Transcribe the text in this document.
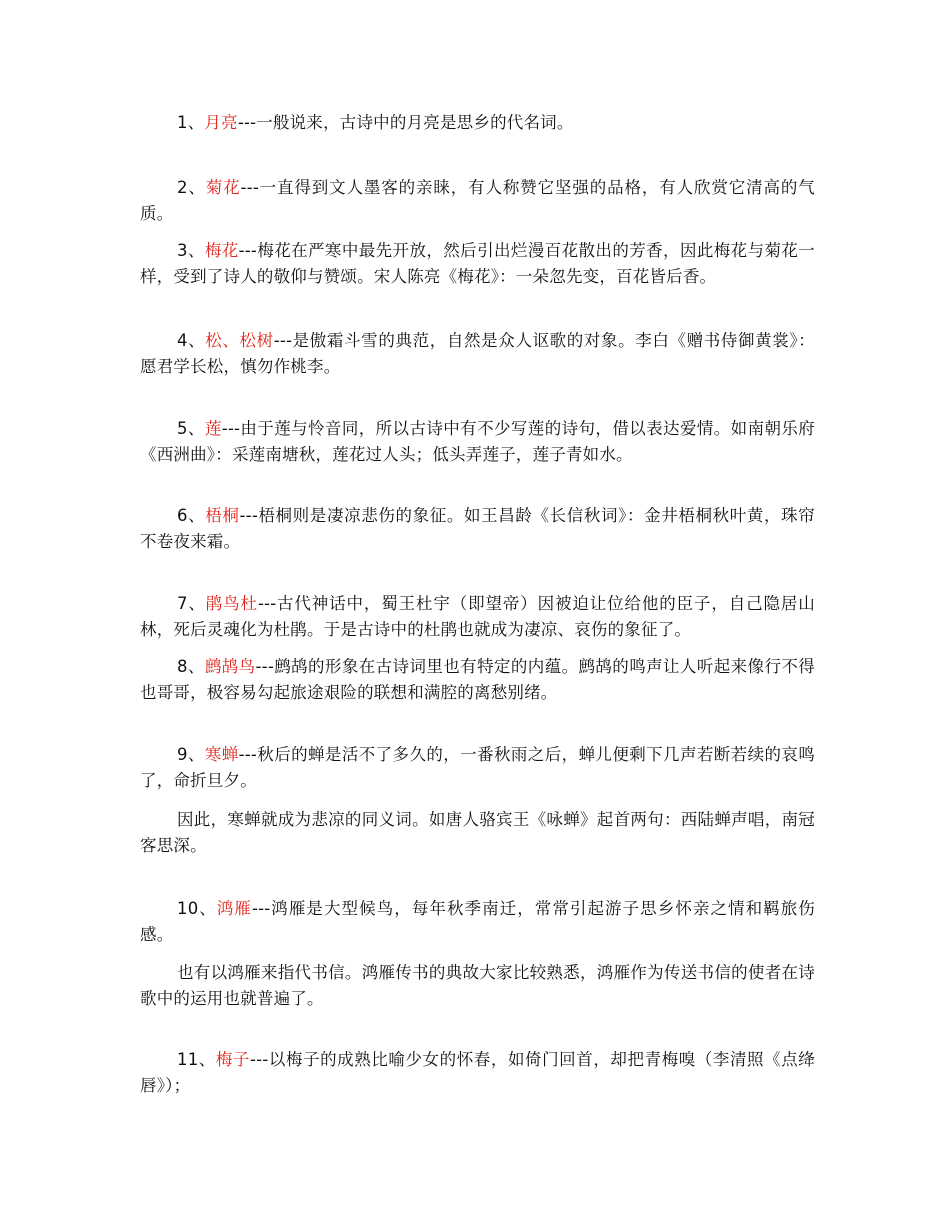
1、月亮---一般说来，古诗中的月亮是思乡的代名词。

2、菊花---一直得到文人墨客的亲睐，有人称赞它坚强的品格，有人欣赏它清高的气质。

3、梅花---梅花在严寒中最先开放，然后引出烂漫百花散出的芳香，因此梅花与菊花一样，受到了诗人的敬仰与赞颂。宋人陈亮《梅花》：一朵忽先变，百花皆后香。

4、松、松树---是傲霜斗雪的典范，自然是众人讴歌的对象。李白《赠书侍御黄裳》：愿君学长松，慎勿作桃李。

5、莲---由于莲与怜音同，所以古诗中有不少写莲的诗句，借以表达爱情。如南朝乐府《西洲曲》：采莲南塘秋，莲花过人头；低头弄莲子，莲子青如水。

6、梧桐---梧桐则是凄凉悲伤的象征。如王昌龄《长信秋词》：金井梧桐秋叶黄，珠帘不卷夜来霜。

7、鹃鸟杜---古代神话中，蜀王杜宇（即望帝）因被迫让位给他的臣子，自己隐居山林，死后灵魂化为杜鹃。于是古诗中的杜鹃也就成为凄凉、哀伤的象征了。

8、鹧鸪鸟---鹧鸪的形象在古诗词里也有特定的内蕴。鹧鸪的鸣声让人听起来像行不得也哥哥，极容易勾起旅途艰险的联想和满腔的离愁别绪。

9、寒蝉---秋后的蝉是活不了多久的，一番秋雨之后，蝉儿便剩下几声若断若续的哀鸣了，命折旦夕。

因此，寒蝉就成为悲凉的同义词。如唐人骆宾王《咏蝉》起首两句：西陆蝉声唱，南冠客思深。

10、鸿雁---鸿雁是大型候鸟，每年秋季南迁，常常引起游子思乡怀亲之情和羁旅伤感。

也有以鸿雁来指代书信。鸿雁传书的典故大家比较熟悉，鸿雁作为传送书信的使者在诗歌中的运用也就普遍了。

11、梅子---以梅子的成熟比喻少女的怀春，如倚门回首，却把青梅嗅（李清照《点绛唇》）；
